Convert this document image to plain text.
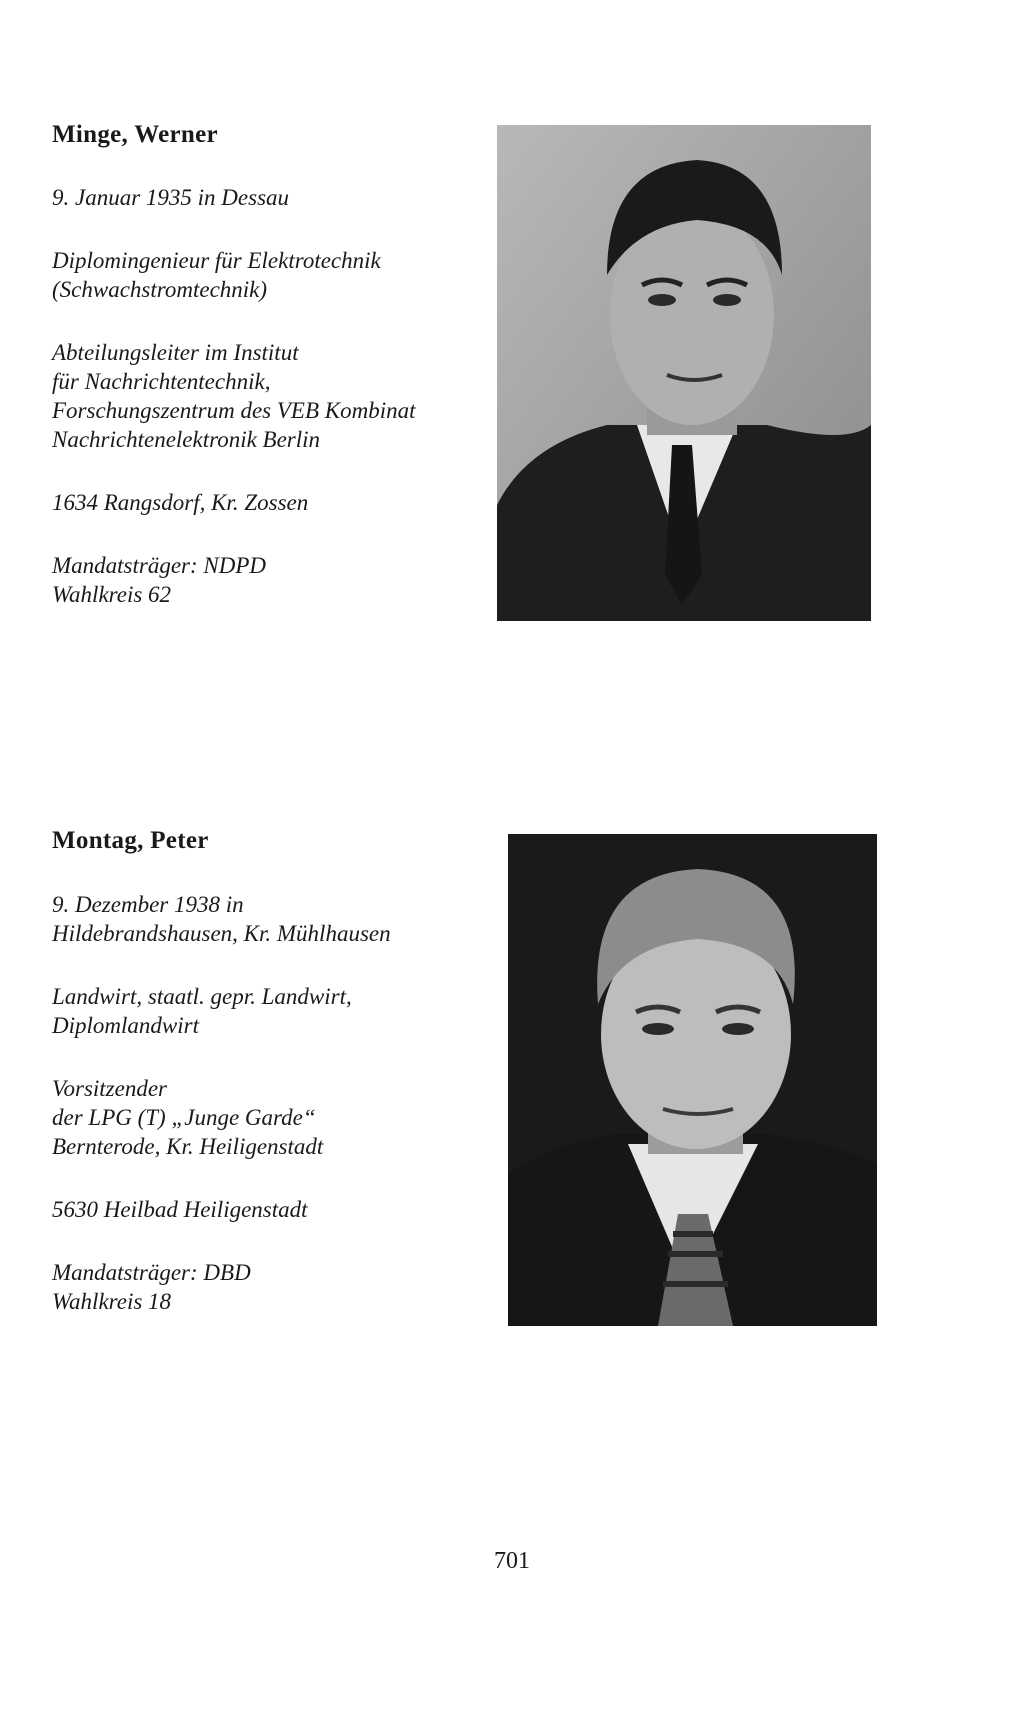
Minge, Werner

9. Januar 1935 in Dessau

Diplomingenieur für Elektrotechnik

(Schwachstromtechnik)

Abteilungsleiter im Institut

für Nachrichtentechnik,

Forschungszentrum des VEB Kombinat

Nachrichtenelektronik Berlin

1634 Rangsdorf, Kr. Zossen

Mandatsträger: NDPD

Wahlkreis 62

Montag, Peter

9. Dezember 1938 in

Hildebrandshausen, Kr. Mühlhausen

Landwirt, staatl. gepr. Landwirt,

Diplomlandwirt

Vorsitzender

der LPG (T) „Junge Garde“

Bernterode, Kr. Heiligenstadt

5630 Heilbad Heiligenstadt

Mandatsträger: DBD

Wahlkreis 18

701
